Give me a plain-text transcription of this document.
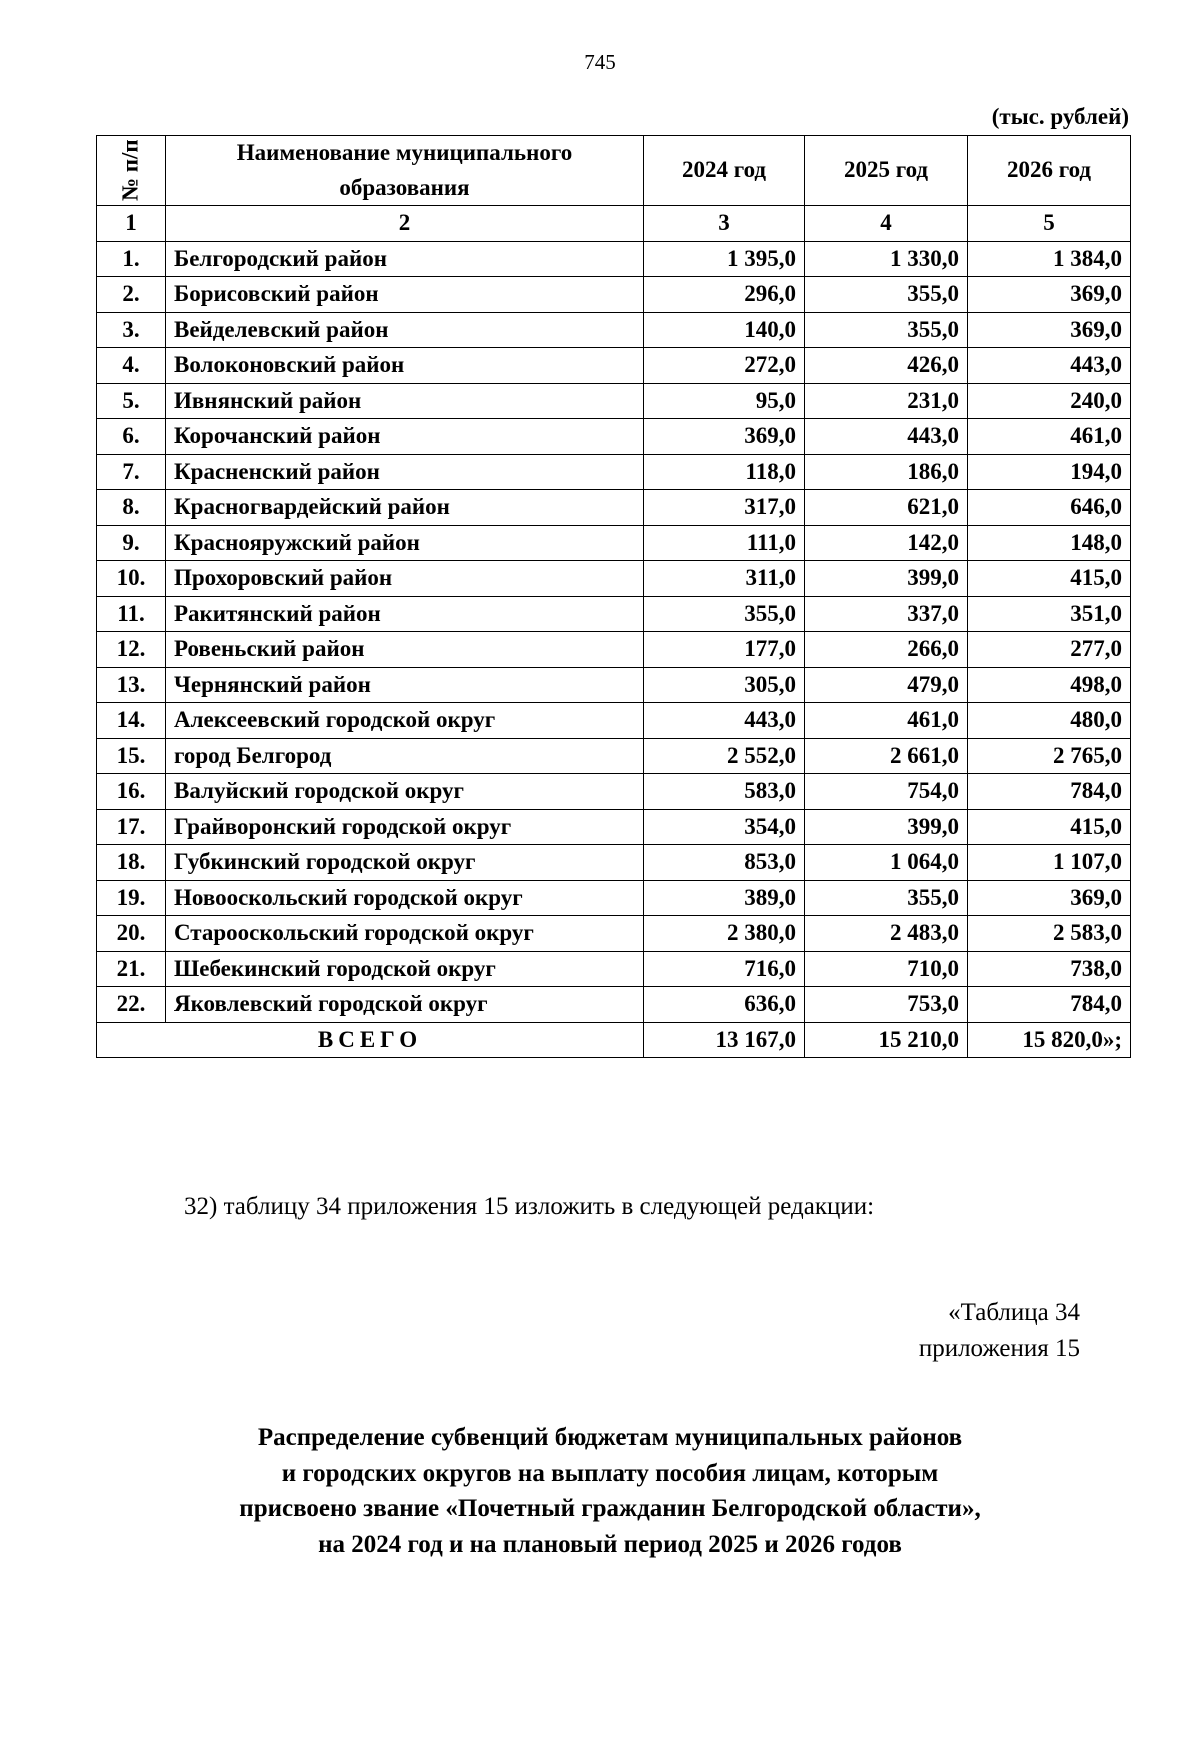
745
(тыс. рублей)
№ п/п	Наименование муниципального образования	2024 год	2025 год	2026 год
1	2	3	4	5
1.	Белгородский район	1 395,0	1 330,0	1 384,0
2.	Борисовский район	296,0	355,0	369,0
3.	Вейделевский район	140,0	355,0	369,0
4.	Волоконовский район	272,0	426,0	443,0
5.	Ивнянский район	95,0	231,0	240,0
6.	Корочанский район	369,0	443,0	461,0
7.	Красненский район	118,0	186,0	194,0
8.	Красногвардейский район	317,0	621,0	646,0
9.	Краснояружский район	111,0	142,0	148,0
10.	Прохоровский район	311,0	399,0	415,0
11.	Ракитянский район	355,0	337,0	351,0
12.	Ровеньский район	177,0	266,0	277,0
13.	Чернянский район	305,0	479,0	498,0
14.	Алексеевский городской округ	443,0	461,0	480,0
15.	город Белгород	2 552,0	2 661,0	2 765,0
16.	Валуйский городской округ	583,0	754,0	784,0
17.	Грайворонский городской округ	354,0	399,0	415,0
18.	Губкинский городской округ	853,0	1 064,0	1 107,0
19.	Новооскольский городской округ	389,0	355,0	369,0
20.	Старооскольский городской округ	2 380,0	2 483,0	2 583,0
21.	Шебекинский городской округ	716,0	710,0	738,0
22.	Яковлевский городской округ	636,0	753,0	784,0
ВСЕГО		13 167,0	15 210,0	15 820,0»;
32) таблицу 34 приложения 15 изложить в следующей редакции:
«Таблица 34
приложения 15
Распределение субвенций бюджетам муниципальных районов
и городских округов на выплату пособия лицам, которым
присвоено звание «Почетный гражданин Белгородской области»,
на 2024 год и на плановый период 2025 и 2026 годов
